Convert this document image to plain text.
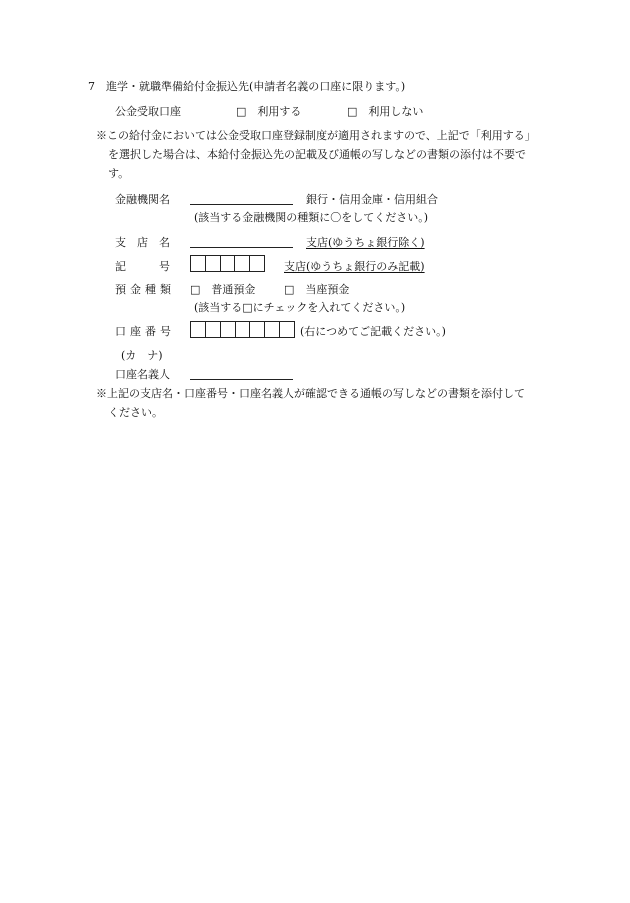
7　進学・就職準備給付金振込先(申請者名義の口座に限ります。)
公金受取口座	□　利用する	□　利用しない
※この給付金においては公金受取口座登録制度が適用されますので、上記で「利用する」
を選択した場合は、本給付金振込先の記載及び通帳の写しなどの書類の添付は不要で
す。
金融機関名	銀行・信用金庫・信用組合
(該当する金融機関の種類に〇をしてください。)
支　店　名	支店(ゆうちょ銀行除く)
記　　　号	支店(ゆうちょ銀行のみ記載)
預金種類 □　普通預金	□　当座預金
(該当する□にチェックを入れてください。)
口座番号	(右につめてご記載ください。)
(カ　ナ)
口座名義人
※上記の支店名・口座番号・口座名義人が確認できる通帳の写しなどの書類を添付して
ください。
